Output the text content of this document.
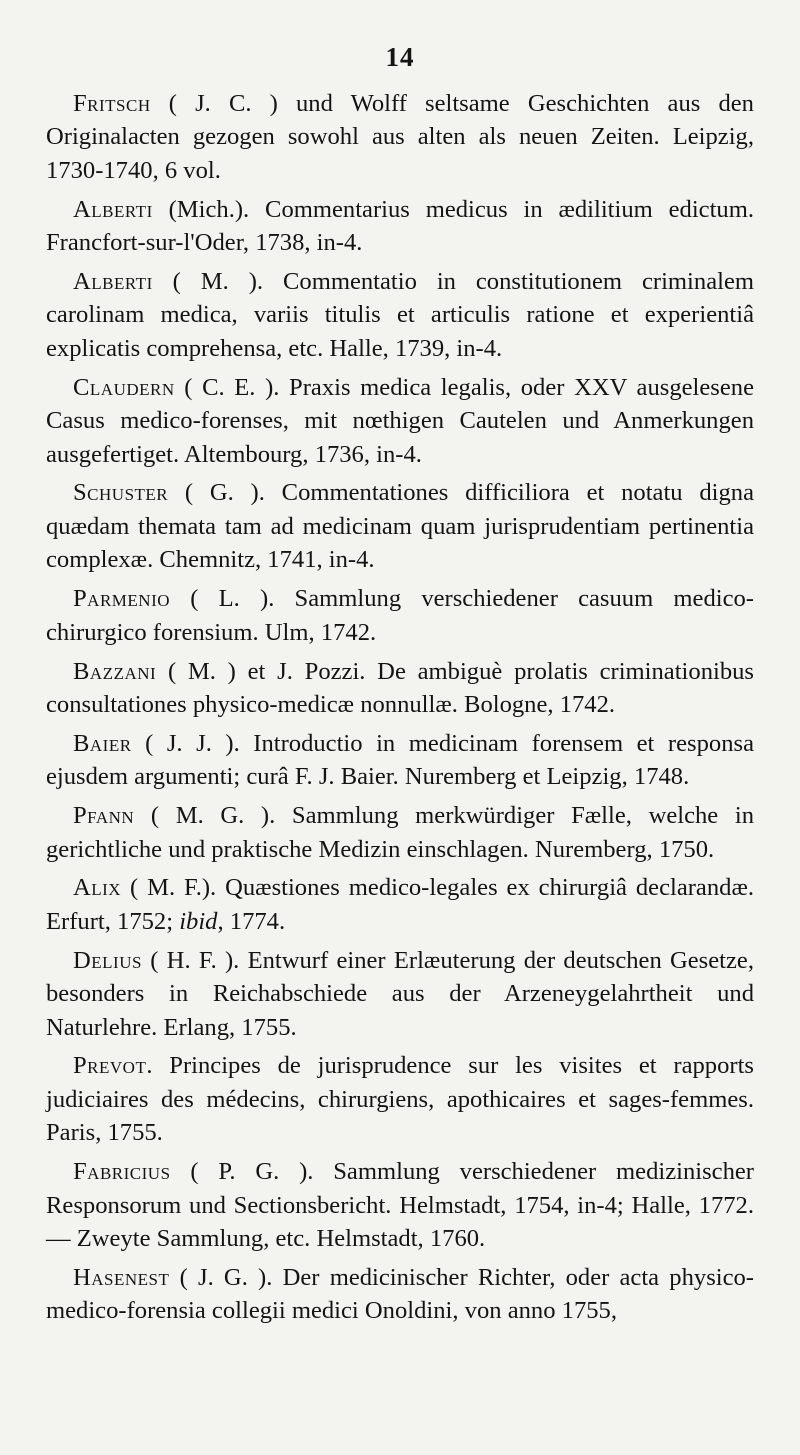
14

Fritsch ( J. C. ) und Wolff seltsame Geschichten aus den Originalacten gezogen sowohl aus alten als neuen Zeiten. Leipzig, 1730-1740, 6 vol.

Alberti (Mich.). Commentarius medicus in ædilitium edictum. Francfort-sur-l'Oder, 1738, in-4.

Alberti ( M. ). Commentatio in constitutionem criminalem carolinam medica, variis titulis et articulis ratione et experientiâ explicatis comprehensa, etc. Halle, 1739, in-4.

Claudern ( C. E. ). Praxis medica legalis, oder XXV ausgelesene Casus medico-forenses, mit nœthigen Cautelen und Anmerkungen ausgefertiget. Altembourg, 1736, in-4.

Schuster ( G. ). Commentationes difficiliora et notatu digna quædam themata tam ad medicinam quam jurisprudentiam pertinentia complexæ. Chemnitz, 1741, in-4.

Parmenio ( L. ). Sammlung verschiedener casuum medico-chirurgico forensium. Ulm, 1742.

Bazzani ( M. ) et J. Pozzi. De ambiguè prolatis criminationibus consultationes physico-medicæ nonnullæ. Bologne, 1742.

Baier ( J. J. ). Introductio in medicinam forensem et responsa ejusdem argumenti; curâ F. J. Baier. Nuremberg et Leipzig, 1748.

Pfann ( M. G. ). Sammlung merkwürdiger Fælle, welche in gerichtliche und praktische Medizin einschlagen. Nuremberg, 1750.

Alix ( M. F.). Quæstiones medico-legales ex chirurgiâ declarandæ. Erfurt, 1752; ibid, 1774.

Delius ( H. F. ). Entwurf einer Erlæuterung der deutschen Gesetze, besonders in Reichabschiede aus der Arzeneygelahrtheit und Naturlehre. Erlang, 1755.

Prevot. Principes de jurisprudence sur les visites et rapports judiciaires des médecins, chirurgiens, apothicaires et sages-femmes. Paris, 1755.

Fabricius ( P. G. ). Sammlung verschiedener medizinischer Responsorum und Sectionsbericht. Helmstadt, 1754, in-4; Halle, 1772. — Zweyte Sammlung, etc. Helmstadt, 1760.

Hasenest ( J. G. ). Der medicinischer Richter, oder acta physico-medico-forensia collegii medici Onoldini, von anno 1755,
